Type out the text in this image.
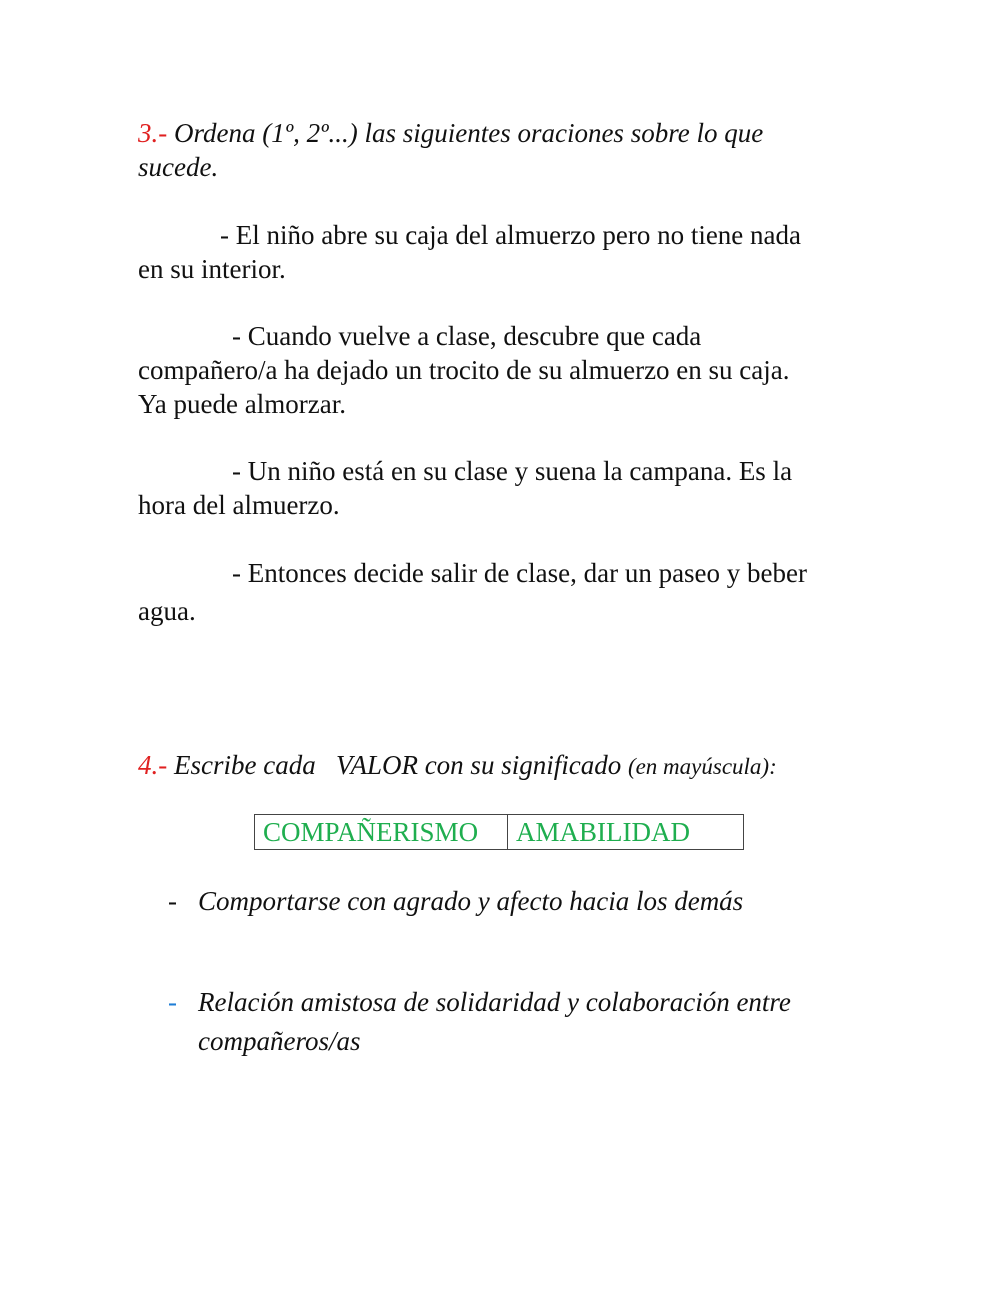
3.- Ordena (1º, 2º...) las siguientes oraciones sobre lo que
sucede.
- El niño abre su caja del almuerzo pero no tiene nada
en su interior.
- Cuando vuelve a clase, descubre que cada
compañero/a ha dejado un trocito de su almuerzo en su caja.
Ya puede almorzar.
- Un niño está en su clase y suena la campana. Es la
hora del almuerzo.
- Entonces decide salir de clase, dar un paseo y beber
agua.
4.- Escribe cada   VALOR con su significado (en mayúscula):
COMPAÑERISMO	AMABILIDAD
- Comportarse con agrado y afecto hacia los demás
- Relación amistosa de solidaridad y colaboración entre
compañeros/as
